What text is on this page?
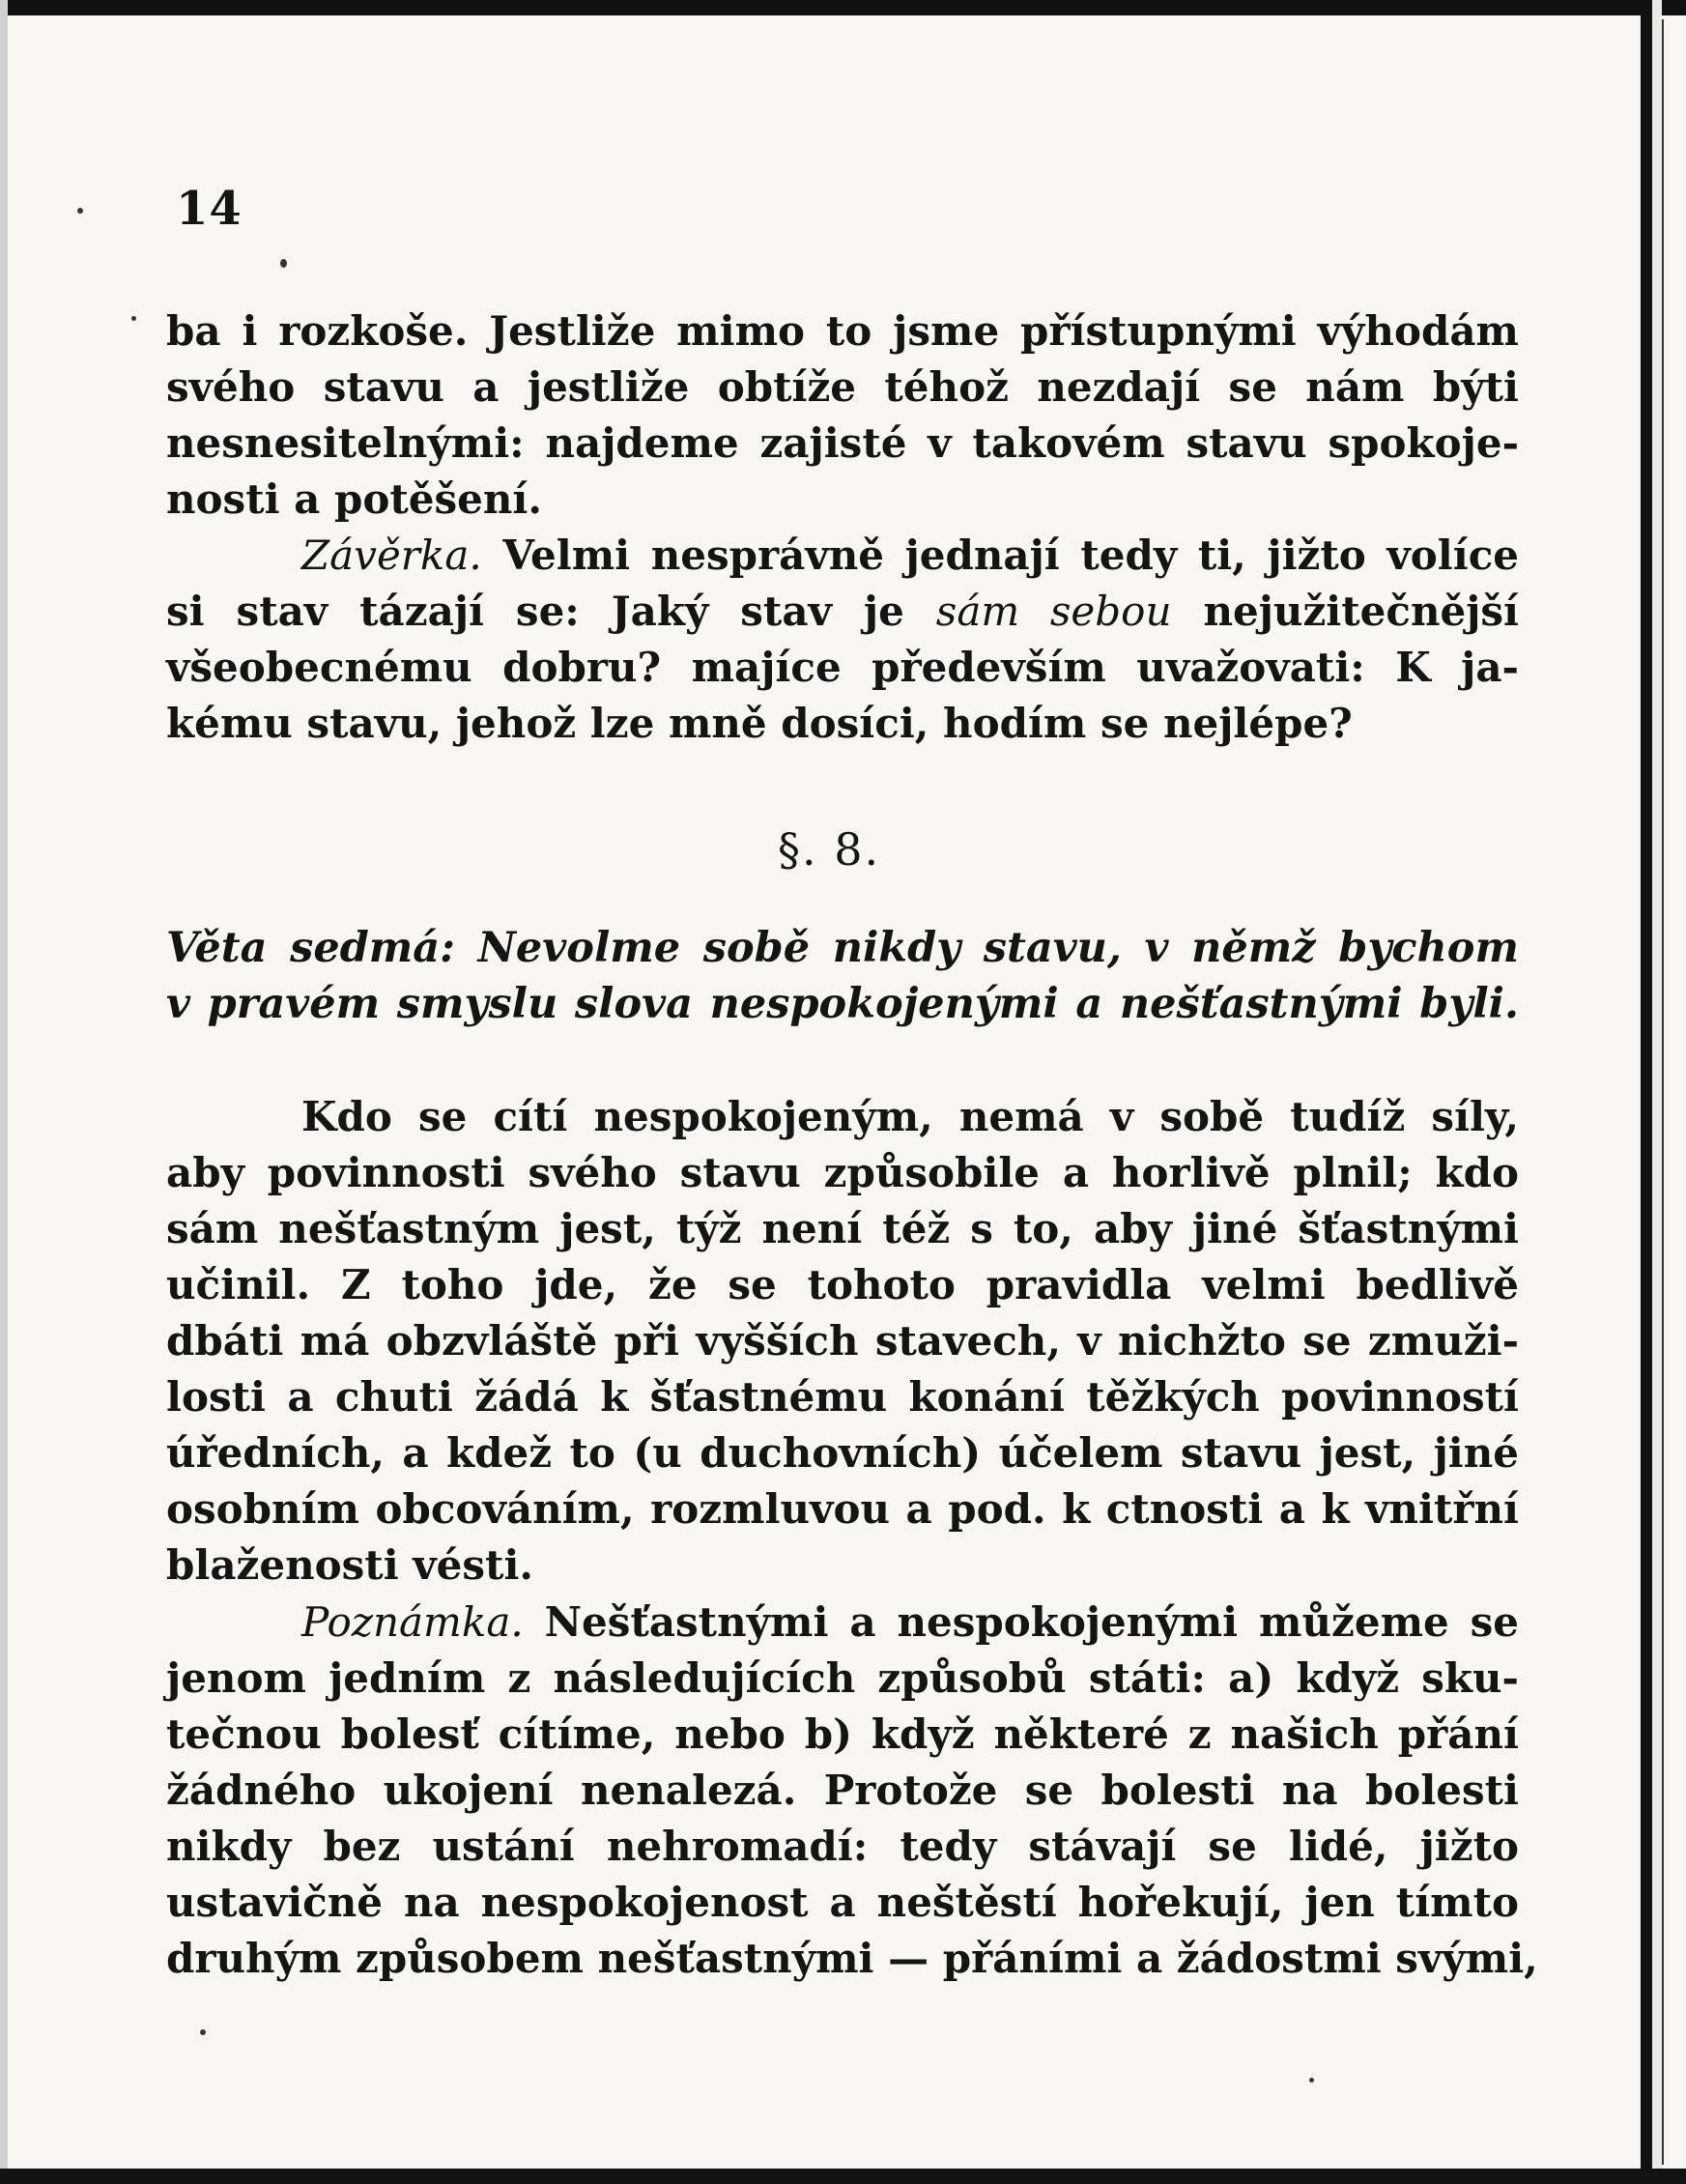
14
ba i rozkoše. Jestliže mimo to jsme přístupnými výhodám
svého stavu a jestliže obtíže téhož nezdají se nám býti
nesnesitelnými: najdeme zajisté v takovém stavu spokoje-
nosti a potěšení.
Závěrka. Velmi nesprávně jednají tedy ti, jižto volíce
si stav tázají se: Jaký stav je sám sebou nejužitečnější
všeobecnému dobru? majíce především uvažovati: K ja-
kému stavu, jehož lze mně dosíci, hodím se nejlépe?
§. 8.
Věta sedmá: Nevolme sobě nikdy stavu, v němž bychom
v pravém smyslu slova nespokojenými a nešťastnými byli.
Kdo se cítí nespokojeným, nemá v sobě tudíž síly,
aby povinnosti svého stavu způsobile a horlivě plnil; kdo
sám nešťastným jest, týž není též s to, aby jiné šťastnými
učinil. Z toho jde, že se tohoto pravidla velmi bedlivě
dbáti má obzvláště při vyšších stavech, v nichžto se zmuži-
losti a chuti žádá k šťastnému konání těžkých povinností
úředních, a kdež to (u duchovních) účelem stavu jest, jiné
osobním obcováním, rozmluvou a pod. k ctnosti a k vnitřní
blaženosti vésti.
Poznámka. Nešťastnými a nespokojenými můžeme se
jenom jedním z následujících způsobů státi: a) když sku-
tečnou bolesť cítíme, nebo b) když některé z našich přání
žádného ukojení nenalezá. Protože se bolesti na bolesti
nikdy bez ustání nehromadí: tedy stávají se lidé, jižto
ustavičně na nespokojenost a neštěstí hořekují, jen tímto
druhým způsobem nešťastnými — přáními a žádostmi svými,
